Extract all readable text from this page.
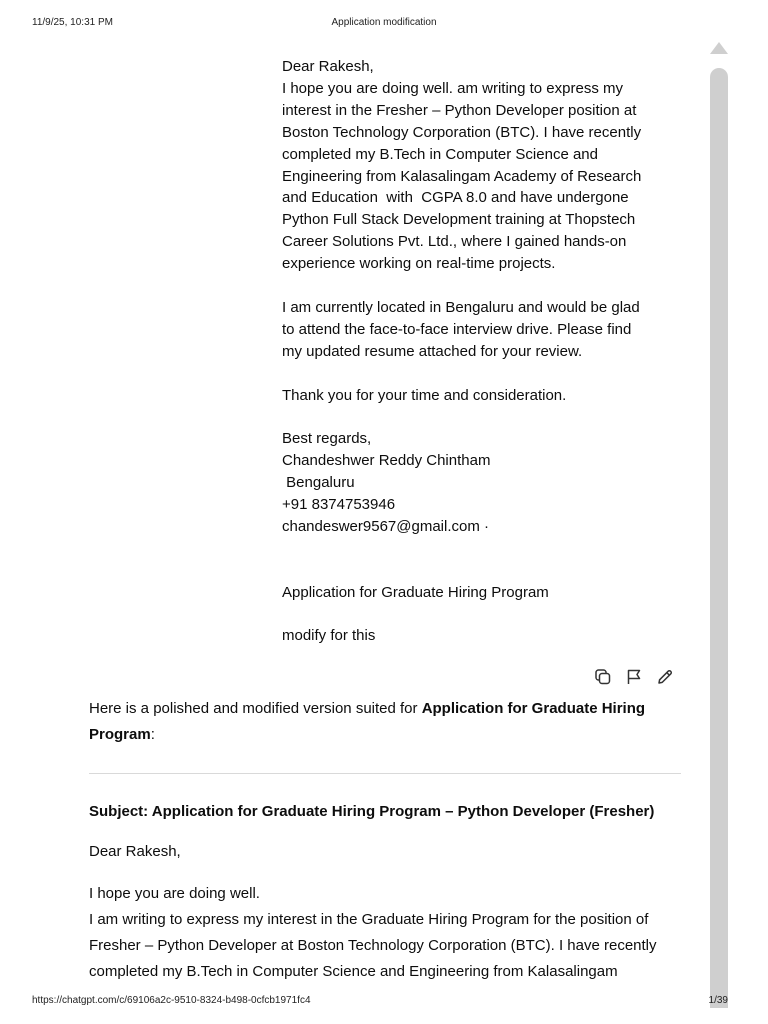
11/9/25, 10:31 PM	Application modification

Dear Rakesh,

I hope you are doing well. am writing to express my

interest in the Fresher – Python Developer position at

Boston Technology Corporation (BTC). I have recently

completed my B.Tech in Computer Science and

Engineering from Kalasalingam Academy of Research

and Education  with  CGPA 8.0 and have undergone

Python Full Stack Development training at Thopstech

Career Solutions Pvt. Ltd., where I gained hands-on

experience working on real-time projects.

I am currently located in Bengaluru and would be glad

to attend the face-to-face interview drive. Please find

my updated resume attached for your review.

Thank you for your time and consideration.

Best regards,

Chandeshwer Reddy Chintham

Bengaluru

+91 8374753946

chandeswer9567@gmail.com ·

Application for Graduate Hiring Program

modify for this

Here is a polished and modified version suited for Application for Graduate Hiring Program:

Subject: Application for Graduate Hiring Program – Python Developer (Fresher)

Dear Rakesh,

I hope you are doing well.
I am writing to express my interest in the Graduate Hiring Program for the position of
Fresher – Python Developer at Boston Technology Corporation (BTC). I have recently
completed my B.Tech in Computer Science and Engineering from Kalasalingam
https://chatgpt.com/c/69106a2c-9510-8324-b498-0cfcb1971fc4	1/39
